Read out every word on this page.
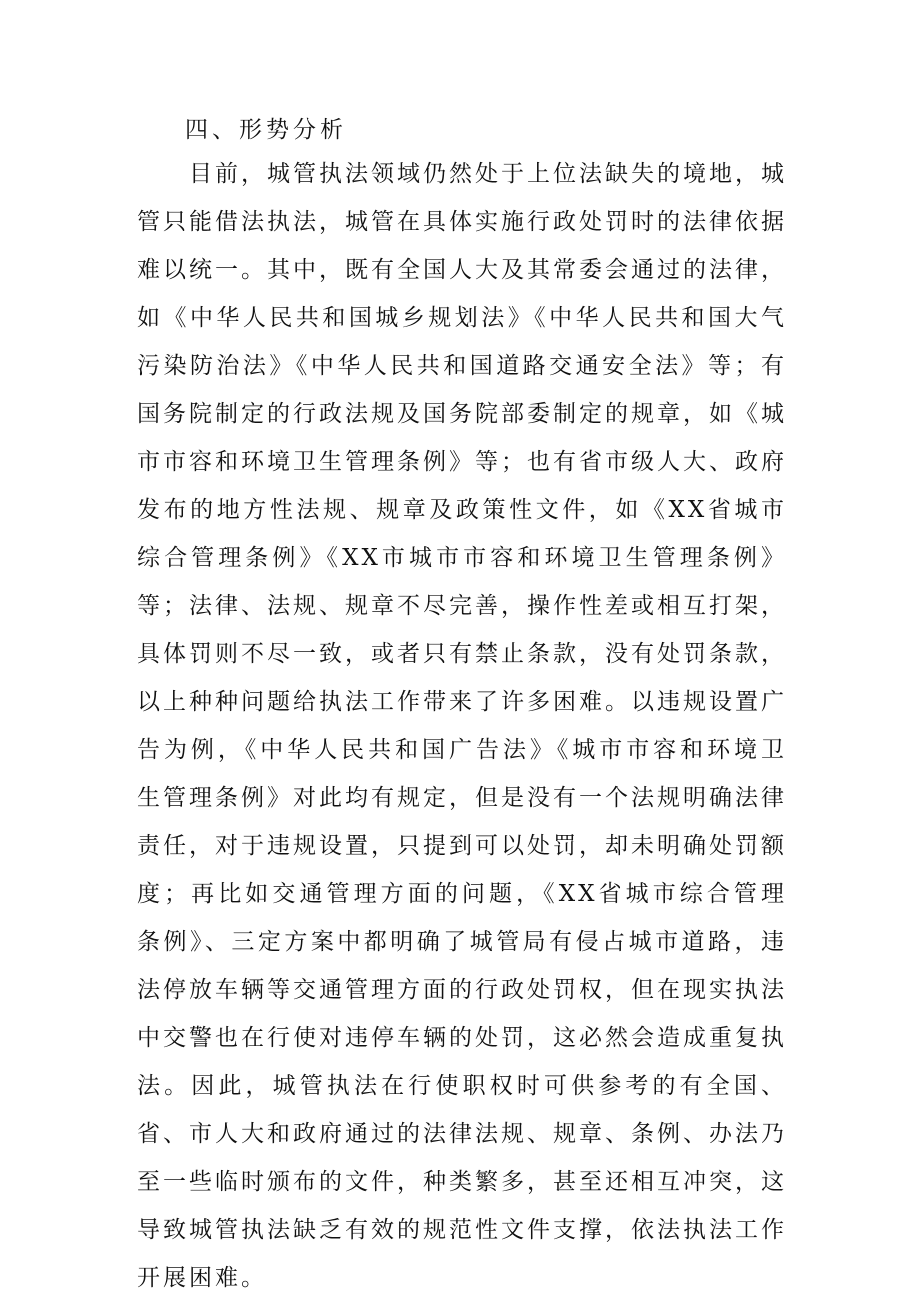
四、形势分析

目前，城管执法领域仍然处于上位法缺失的境地，城管只能借法执法，城管在具体实施行政处罚时的法律依据难以统一。其中，既有全国人大及其常委会通过的法律，如《中华人民共和国城乡规划法》《中华人民共和国大气污染防治法》《中华人民共和国道路交通安全法》等；有国务院制定的行政法规及国务院部委制定的规章，如《城市市容和环境卫生管理条例》等；也有省市级人大、政府发布的地方性法规、规章及政策性文件，如《XX省城市综合管理条例》《XX市城市市容和环境卫生管理条例》等；法律、法规、规章不尽完善，操作性差或相互打架，具体罚则不尽一致，或者只有禁止条款，没有处罚条款，以上种种问题给执法工作带来了许多困难。以违规设置广告为例，《中华人民共和国广告法》《城市市容和环境卫生管理条例》对此均有规定，但是没有一个法规明确法律责任，对于违规设置，只提到可以处罚，却未明确处罚额度；再比如交通管理方面的问题，《XX省城市综合管理条例》、三定方案中都明确了城管局有侵占城市道路，违法停放车辆等交通管理方面的行政处罚权，但在现实执法中交警也在行使对违停车辆的处罚，这必然会造成重复执法。因此，城管执法在行使职权时可供参考的有全国、省、市人大和政府通过的法律法规、规章、条例、办法乃至一些临时颁布的文件，种类繁多，甚至还相互冲突，这导致城管执法缺乏有效的规范性文件支撑，依法执法工作开展困难。
